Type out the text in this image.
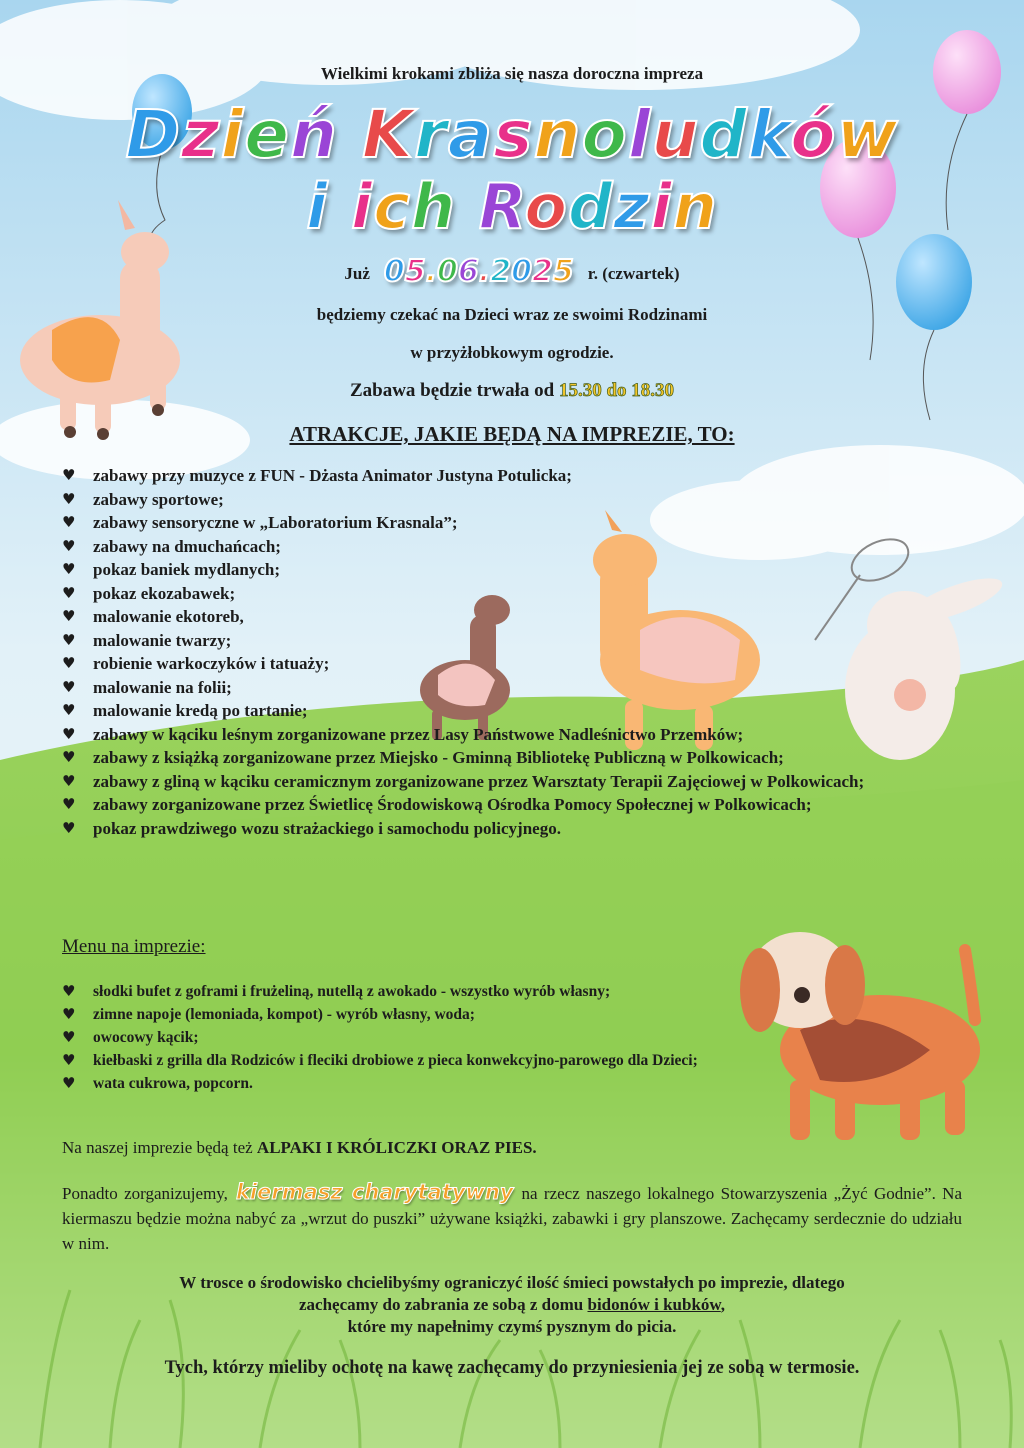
Wielkimi krokami zbliża się nasza doroczna impreza
Dzień Krasnoludków
i ich Rodzin
Już 05.06.2025 r. (czwartek)
będziemy czekać na Dzieci wraz ze swoimi Rodzinami
w przyżłobkowym ogrodzie.
Zabawa będzie trwała od 15.30 do 18.30
ATRAKCJE, JAKIE BĘDĄ NA IMPREZIE, TO:
♥ zabawy przy muzyce z FUN - Dżasta Animator Justyna Potulicka;
♥ zabawy sportowe;
♥ zabawy sensoryczne w „Laboratorium Krasnala”;
♥ zabawy na dmuchańcach;
♥ pokaz baniek mydlanych;
♥ pokaz ekozabawek;
♥ malowanie ekotoreb,
♥ malowanie twarzy;
♥ robienie warkoczyków i tatuaży;
♥ malowanie na folii;
♥ malowanie kredą po tartanie;
♥ zabawy w kąciku leśnym zorganizowane przez Lasy Państwowe Nadleśnictwo Przemków;
♥ zabawy z książką zorganizowane przez Miejsko - Gminną Bibliotekę Publiczną w Polkowicach;
♥ zabawy z gliną w kąciku ceramicznym zorganizowane przez Warsztaty Terapii Zajęciowej w Polkowicach;
♥ zabawy zorganizowane przez Świetlicę Środowiskową Ośrodka Pomocy Społecznej w Polkowicach;
♥ pokaz prawdziwego wozu strażackiego i samochodu policyjnego.
Menu na imprezie:
♥ słodki bufet z goframi i frużeliną, nutellą z awokado - wszystko wyrób własny;
♥ zimne napoje (lemoniada, kompot) - wyrób własny, woda;
♥ owocowy kącik;
♥ kiełbaski z grilla dla Rodziców i fleciki drobiowe z pieca konwekcyjno-parowego dla Dzieci;
♥ wata cukrowa, popcorn.
Na naszej imprezie będą też ALPAKI I KRÓLICZKI ORAZ PIES.
Ponadto zorganizujemy, kiermasz charytatywny na rzecz naszego lokalnego Stowarzyszenia „Żyć Godnie”. Na kiermaszu będzie można nabyć za „wrzut do puszki” używane książki, zabawki i gry planszowe. Zachęcamy serdecznie do udziału w nim.
W trosce o środowisko chcielibyśmy ograniczyć ilość śmieci powstałych po imprezie, dlatego
zachęcamy do zabrania ze sobą z domu bidonów i kubków,
które my napełnimy czymś pysznym do picia.
Tych, którzy mieliby ochotę na kawę zachęcamy do przyniesienia jej ze sobą w termosie.
